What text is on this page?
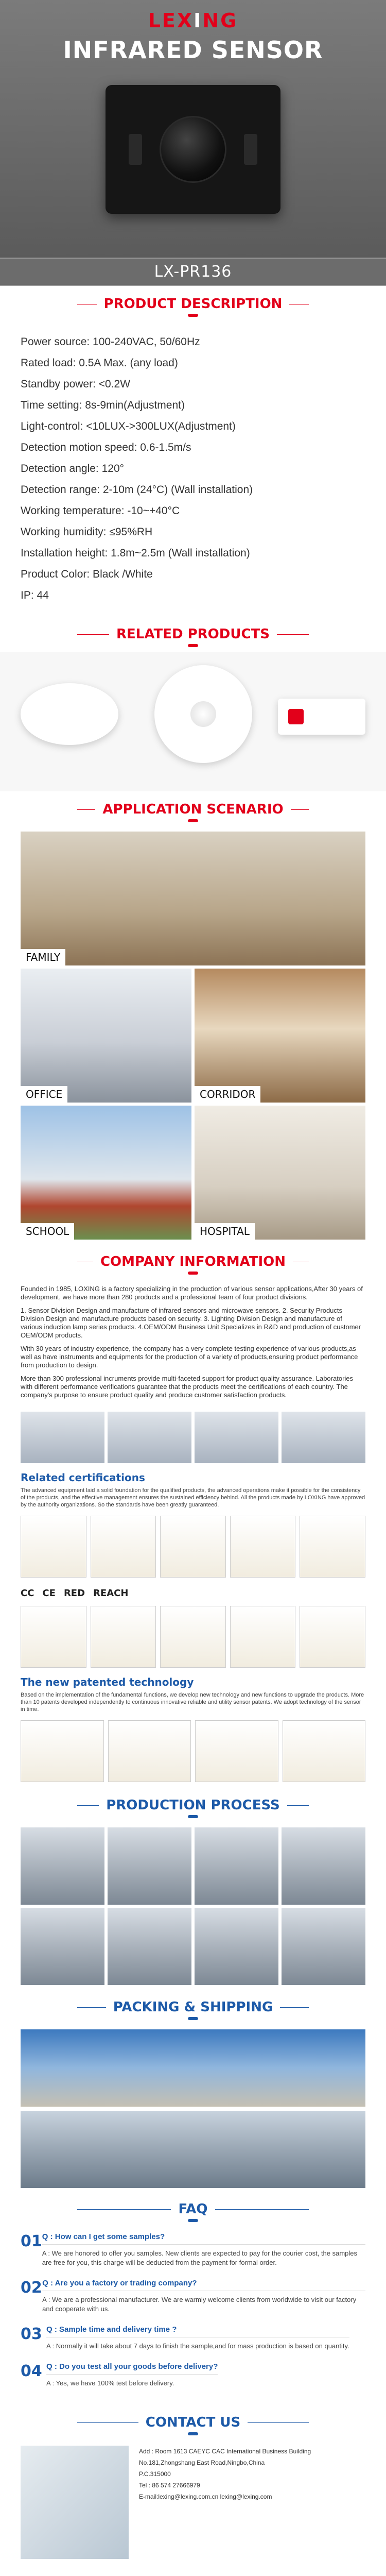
LEXING
INFRARED SENSOR
LX-PR136
PRODUCT DESCRIPTION
Power source: 100-240VAC, 50/60Hz
Rated load: 0.5A Max. (any load)
Standby power: <0.2W
Time setting: 8s-9min(Adjustment)
Light-control: <10LUX->300LUX(Adjustment)
Detection motion speed: 0.6-1.5m/s
Detection angle: 120°
Detection range: 2-10m (24°C) (Wall installation)
Working temperature: -10~+40°C
Working humidity: ≤95%RH
Installation height: 1.8m~2.5m (Wall installation)
Product Color: Black /White
IP: 44
RELATED PRODUCTS
APPLICATION SCENARIO
FAMILY
OFFICE	CORRIDOR
SCHOOL	HOSPITAL
COMPANY INFORMATION

Founded in 1985, LOXING is a factory specializing in the production of various sensor applications,After 30 years of development, we have more than 280 products and a professional team of four product divisions.

1. Sensor Division Design and manufacture of infrared sensors and microwave sensors. 2. Security Products Division Design and manufacture products based on security. 3. Lighting Division Design and manufacture of various induction lamp series products. 4.OEM/ODM Business Unit Specializes in R&D and production of customer OEM/ODM products.

With 30 years of industry experience, the company has a very complete testing experience of various products,as well as have instruments and equipments for the production of a variety of products,ensuring product performance from production to design.

More than 300 professional incruments provide multi-faceted support for product quality assurance. Laboratories with different performance verifications guarantee that the products meet the certifications of each country. The company's purpose to ensure product quality and produce customer satisfaction products.

Related certifications
The advanced equipment laid a solid foundation for the qualified products, the advanced operations make it possible for the consistency of the products, and the effective management ensures the sustained efficiency behind. All the products made by LOXING have approved by the authority organizations. So the standards have been greatly guaranteed.
CC CE RED REACH
The new patented technology
Based on the implementation of the fundamental functions, we develop new technology and new functions to upgrade the products. More than 10 patents developed independently to continuous innovative reliable and utility sensor patents. We adopt technology of the sensor in time.
PRODUCTION PROCESS
PACKING & SHIPPING
FAQ
01 Q : How can I get some samples?
A : We are honored to offer you samples. New clients are expected to pay for the courier cost, the samples are free for you, this charge will be deducted from the payment for formal order.
02 Q : Are you a factory or trading company?
A : We are a professional manufacturer. We are warmly welcome clients from worldwide to visit our factory and cooperate with us.
03 Q : Sample time and delivery time ?
A : Normally it will take about 7 days to finish the sample,and for mass production is based on quantity.
04 Q : Do you test all your goods before delivery?
A : Yes, we have 100% test before delivery.
CONTACT US
Add : Room 1613 CAEYC CAC International Business Building No.181,Zhongshang East Road,Ningbo,China
P.C.315000
Tel : 86 574 27666979
E-mail:lexing@lexing.com.cn lexing@lexing.com
